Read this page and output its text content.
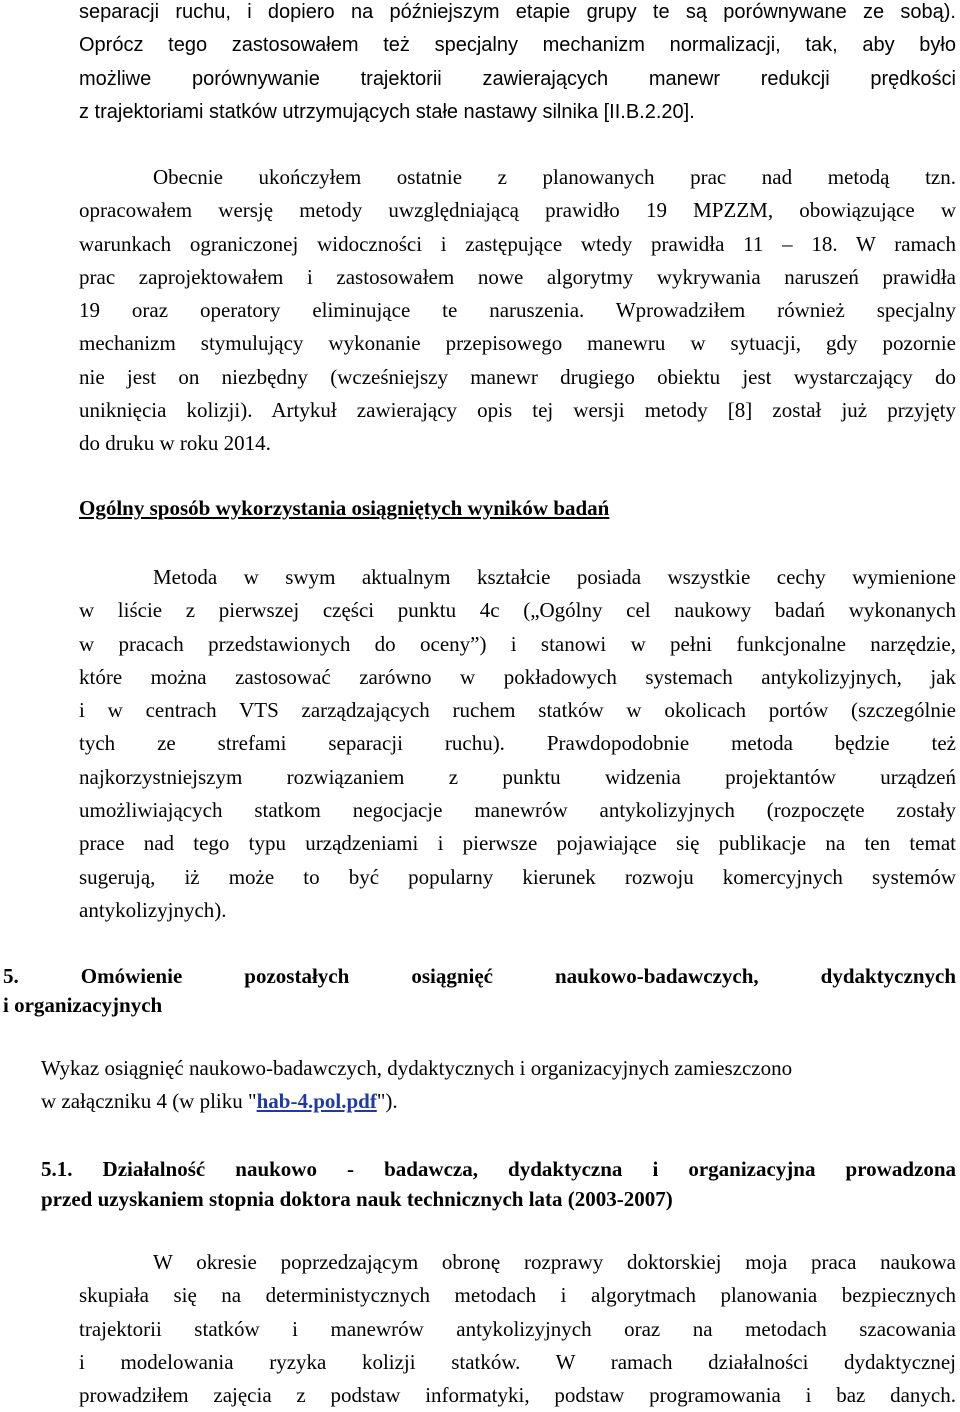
separacji ruchu, i dopiero na późniejszym etapie grupy te są porównywane ze sobą).
Oprócz tego zastosowałem też specjalny mechanizm normalizacji, tak, aby było
możliwe porównywanie trajektorii zawierających manewr redukcji prędkości
z trajektoriami statków utrzymujących stałe nastawy silnika [II.B.2.20].
Obecnie ukończyłem ostatnie z planowanych prac nad metodą tzn.
opracowałem wersję metody uwzględniającą prawidło 19 MPZZM, obowiązujące w
warunkach ograniczonej widoczności i zastępujące wtedy prawidła 11 – 18. W ramach
prac zaprojektowałem i zastosowałem nowe algorytmy wykrywania naruszeń prawidła
19 oraz operatory eliminujące te naruszenia. Wprowadziłem również specjalny
mechanizm stymulujący wykonanie przepisowego manewru w sytuacji, gdy pozornie
nie jest on niezbędny (wcześniejszy manewr drugiego obiektu jest wystarczający do
uniknięcia kolizji). Artykuł zawierający opis tej wersji metody [8] został już przyjęty
do druku w roku 2014.
Ogólny sposób wykorzystania osiągniętych wyników badań
Metoda w swym aktualnym kształcie posiada wszystkie cechy wymienione
w liście z pierwszej części punktu 4c („Ogólny cel naukowy badań wykonanych
w pracach przedstawionych do oceny”) i stanowi w pełni funkcjonalne narzędzie,
które można zastosować zarówno w pokładowych systemach antykolizyjnych, jak
i w centrach VTS zarządzających ruchem statków w okolicach portów (szczególnie
tych ze strefami separacji ruchu). Prawdopodobnie metoda będzie też
najkorzystniejszym rozwiązaniem z punktu widzenia projektantów urządzeń
umożliwiających statkom negocjacje manewrów antykolizyjnych (rozpoczęte zostały
prace nad tego typu urządzeniami i pierwsze pojawiające się publikacje na ten temat
sugerują, iż może to być popularny kierunek rozwoju komercyjnych systemów
antykolizyjnych).
5. Omówienie pozostałych osiągnięć naukowo-badawczych, dydaktycznych
i organizacyjnych
Wykaz osiągnięć naukowo-badawczych, dydaktycznych i organizacyjnych zamieszczono
w załączniku 4 (w pliku "hab-4.pol.pdf").
5.1. Działalność naukowo - badawcza, dydaktyczna i organizacyjna prowadzona
przed uzyskaniem stopnia doktora nauk technicznych lata (2003-2007)
W okresie poprzedzającym obronę rozprawy doktorskiej moja praca naukowa
skupiała się na deterministycznych metodach i algorytmach planowania bezpiecznych
trajektorii statków i manewrów antykolizyjnych oraz na metodach szacowania
i modelowania ryzyka kolizji statków. W ramach działalności dydaktycznej
prowadziłem zajęcia z podstaw informatyki, podstaw programowania i baz danych.
